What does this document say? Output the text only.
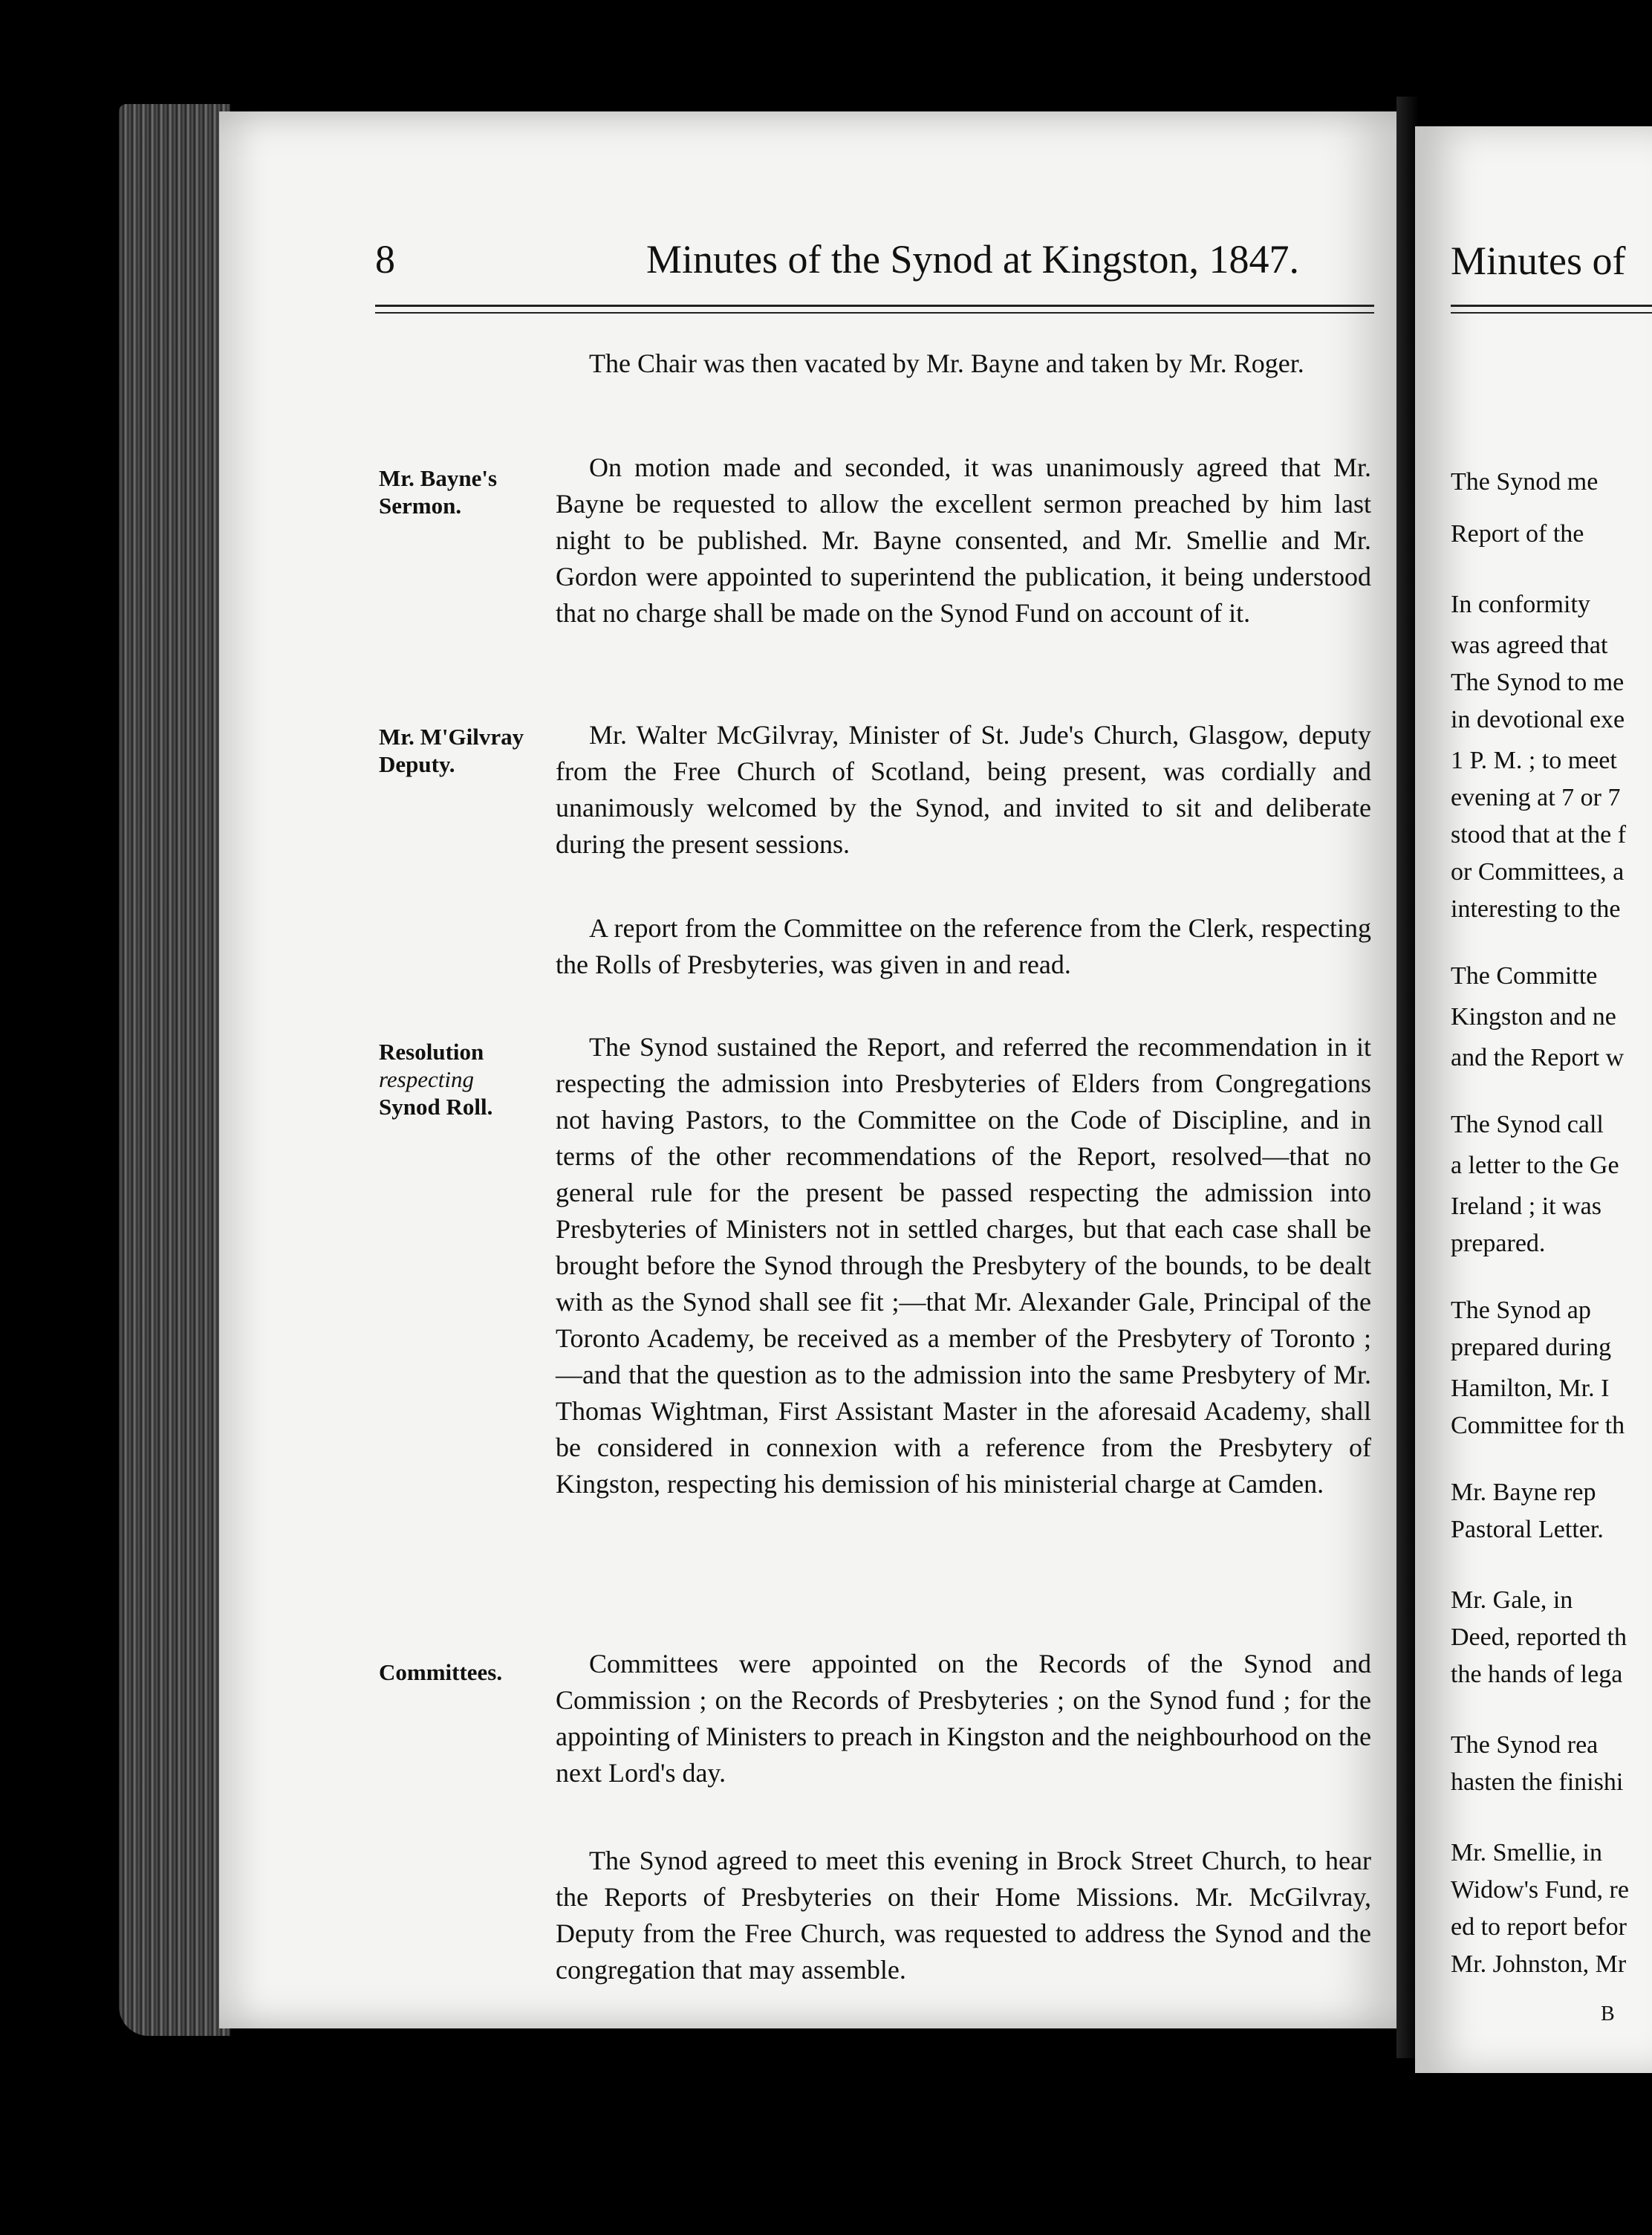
8	Minutes of the Synod at Kingston, 1847.

The Chair was then vacated by Mr. Bayne and taken by Mr. Roger.

On motion made and seconded, it was unanimously agreed that Mr. Bayne be requested to allow the excellent sermon preached by him last night to be published. Mr. Bayne consented, and Mr. Smellie and Mr. Gordon were appointed to superintend the publication, it being understood that no charge shall be made on the Synod Fund on account of it.

Mr. Walter McGilvray, Minister of St. Jude's Church, Glasgow, deputy from the Free Church of Scotland, being present, was cordially and unanimously welcomed by the Synod, and invited to sit and deliberate during the present sessions.

A report from the Committee on the reference from the Clerk, respecting the Rolls of Presbyteries, was given in and read.

The Synod sustained the Report, and referred the recommendation in it respecting the admission into Presbyteries of Elders from Congregations not having Pastors, to the Committee on the Code of Discipline, and in terms of the other recommendations of the Report, resolved—that no general rule for the present be passed respecting the admission into Presbyteries of Ministers not in settled charges, but that each case shall be brought before the Synod through the Presbytery of the bounds, to be dealt with as the Synod shall see fit ;—that Mr. Alexander Gale, Principal of the Toronto Academy, be received as a member of the Presbytery of Toronto ;—and that the question as to the admission into the same Presbytery of Mr. Thomas Wightman, First Assistant Master in the aforesaid Academy, shall be considered in connexion with a reference from the Presbytery of Kingston, respecting his demission of his ministerial charge at Camden.

Committees were appointed on the Records of the Synod and Commission ; on the Records of Presbyteries ; on the Synod fund ; for the appointing of Ministers to preach in Kingston and the neighbourhood on the next Lord's day.

The Synod agreed to meet this evening in Brock Street Church, to hear the Reports of Presbyteries on their Home Missions. Mr. McGilvray, Deputy from the Free Church, was requested to address the Synod and the congregation that may assemble.

Mr. Bayne's
Sermon.
Mr. M'Gilvray
Deputy.
Resolution
respecting
Synod Roll.
Committees.
Minutes of
The Synod me
Report of the
In conformity
was agreed that
The Synod to me
in devotional exe
1 P. M. ; to meet
evening at 7 or 7
stood that at the f
or Committees, a
interesting to the
The Committe
Kingston and ne
and the Report w
The Synod call
a letter to the Ge
Ireland ; it was
prepared.
The Synod ap
prepared during
Hamilton, Mr. I
Committee for th
Mr. Bayne rep
Pastoral Letter.
Mr. Gale, in
Deed, reported th
the hands of lega
The Synod rea
hasten the finishi
Mr. Smellie, in
Widow's Fund, re
ed to report befor
Mr. Johnston, Mr
B
